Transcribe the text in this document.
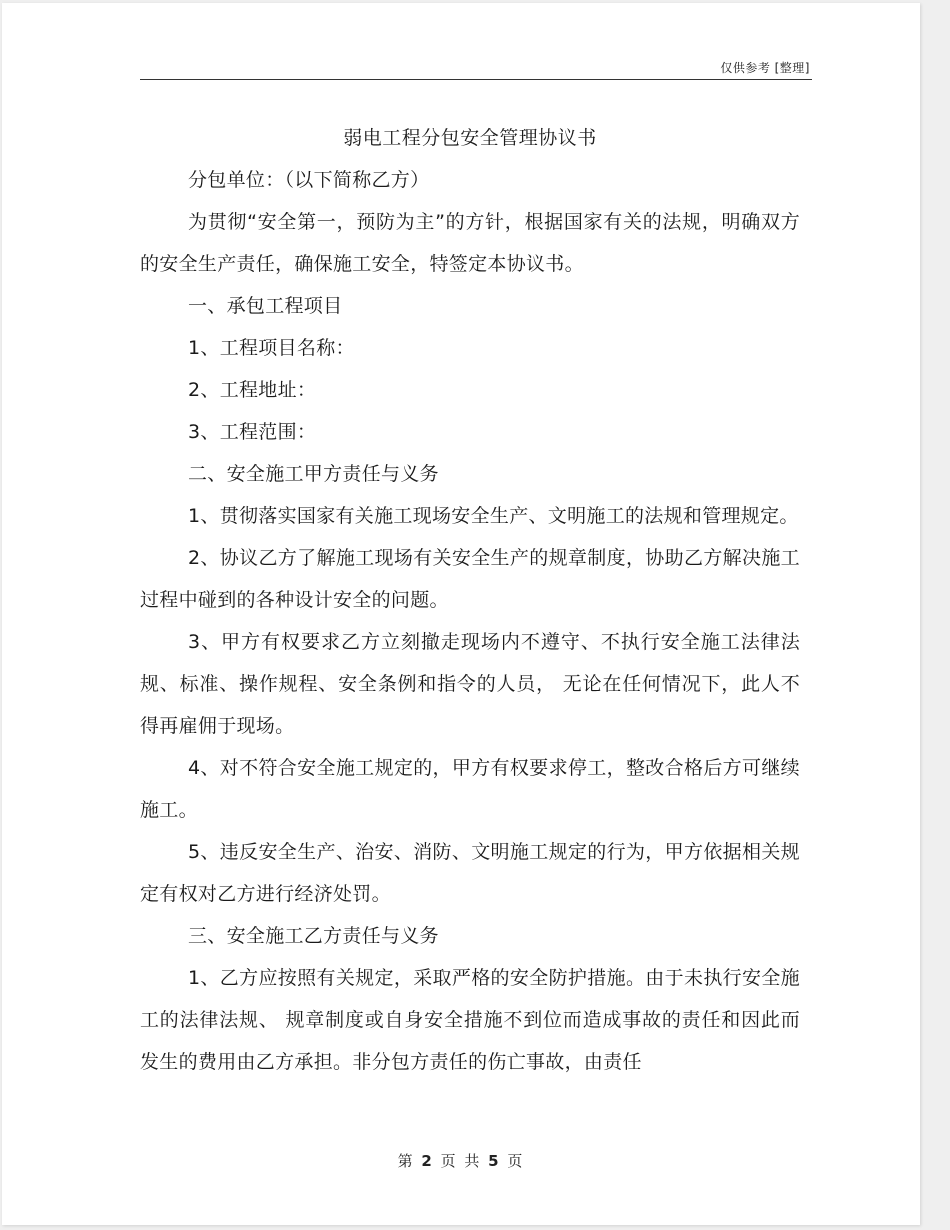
仅供参考 [整理]
弱电工程分包安全管理协议书

分包单位：（以下简称乙方）

为贯彻“安全第一，预防为主”的方针，根据国家有关的法规，明确双方的安全生产责任，确保施工安全，特签定本协议书。

一、承包工程项目

1、工程项目名称：

2、工程地址：

3、工程范围：

二、安全施工甲方责任与义务

1、贯彻落实国家有关施工现场安全生产、文明施工的法规和管理规定。

2、协议乙方了解施工现场有关安全生产的规章制度，协助乙方解决施工过程中碰到的各种设计安全的问题。

3、甲方有权要求乙方立刻撤走现场内不遵守、不执行安全施工法律法规、标准、操作规程、安全条例和指令的人员， 无论在任何情况下，此人不得再雇佣于现场。

4、对不符合安全施工规定的，甲方有权要求停工，整改合格后方可继续施工。

5、违反安全生产、治安、消防、文明施工规定的行为，甲方依据相关规定有权对乙方进行经济处罚。

三、安全施工乙方责任与义务

1、乙方应按照有关规定，采取严格的安全防护措施。由于未执行安全施工的法律法规、 规章制度或自身安全措施不到位而造成事故的责任和因此而发生的费用由乙方承担。非分包方责任的伤亡事故，由责任

第 2 页 共 5 页
